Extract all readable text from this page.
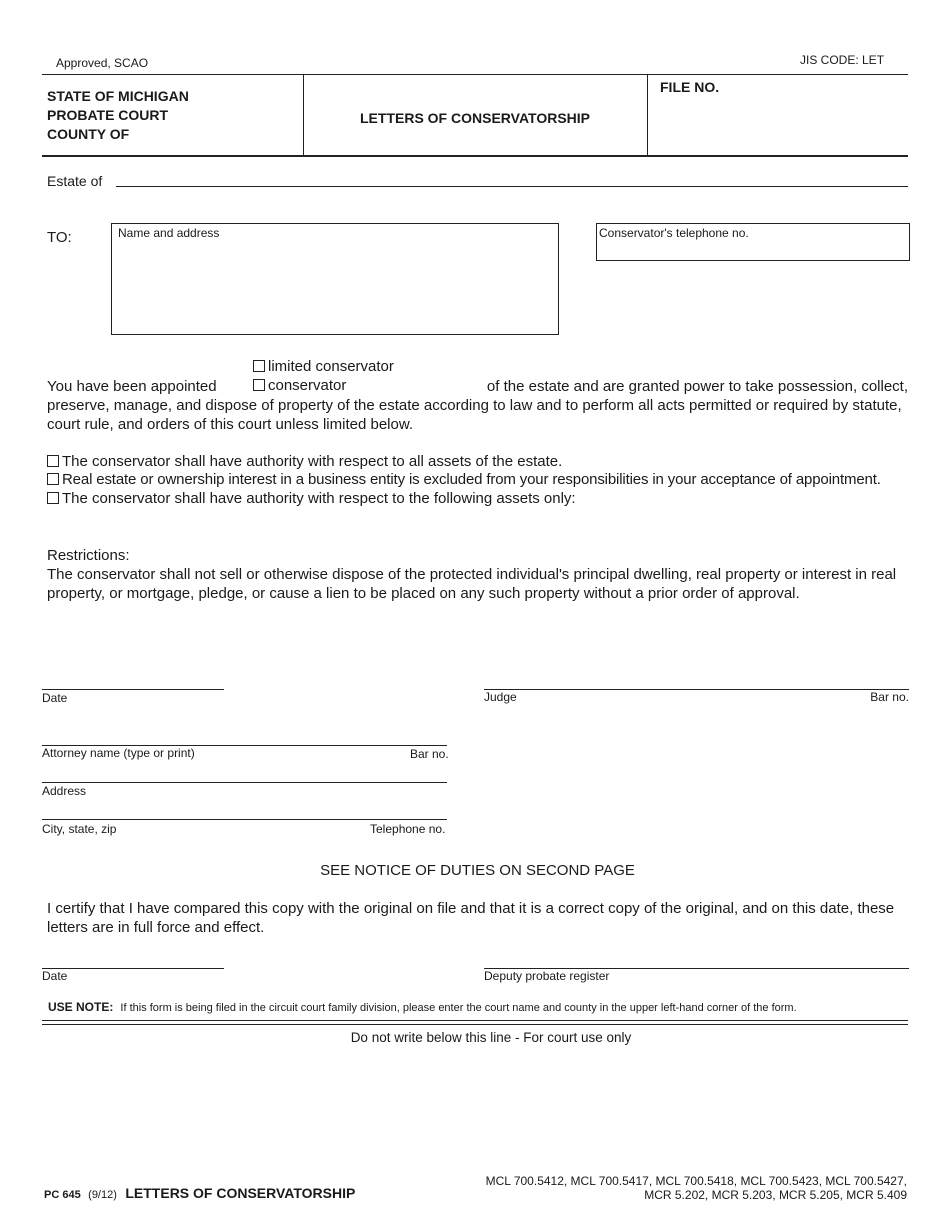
Approved, SCAO	JIS CODE: LET
STATE OF MICHIGAN
PROBATE COURT
COUNTY OF
LETTERS OF CONSERVATORSHIP
FILE NO.
Estate of
TO:	Name and address	Conservator's telephone no.
limited conservator
You have been appointed	conservator	of the estate and are granted power to take possession, collect,
preserve, manage, and dispose of property of the estate according to law and to perform all acts permitted or required by statute,
court rule, and orders of this court unless limited below.
The conservator shall have authority with respect to all assets of the estate.
Real estate or ownership interest in a business entity is excluded from your responsibilities in your acceptance of appointment.
The conservator shall have authority with respect to the following assets only:
Restrictions:
The conservator shall not sell or otherwise dispose of the protected individual's principal dwelling, real property or interest in real
property, or mortgage, pledge, or cause a lien to be placed on any such property without a prior order of approval.
Date	Judge	Bar no.
Attorney name (type or print)	Bar no.
Address
City, state, zip	Telephone no.
SEE NOTICE OF DUTIES ON SECOND PAGE
I certify that I have compared this copy with the original on file and that it is a correct copy of the original, and on this date, these
letters are in full force and effect.
Date	Deputy probate register
USE NOTE: If this form is being filed in the circuit court family division, please enter the court name and county in the upper left-hand corner of the form.
Do not write below this line - For court use only
PC 645 (9/12) LETTERS OF CONSERVATORSHIP
MCL 700.5412, MCL 700.5417, MCL 700.5418, MCL 700.5423, MCL 700.5427,
MCR 5.202, MCR 5.203, MCR 5.205, MCR 5.409
